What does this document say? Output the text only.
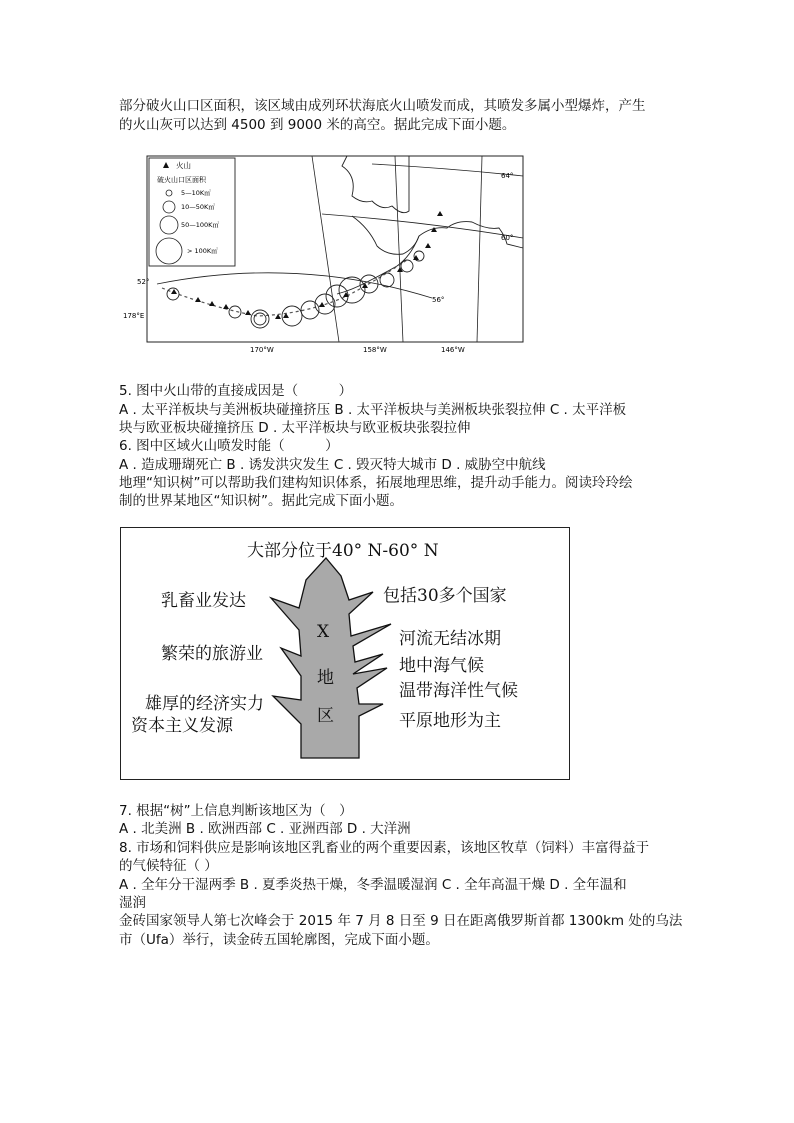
部分破火山口区面积，该区域由成列环状海底火山喷发而成，其喷发多属小型爆炸，产生
的火山灰可以达到 4500 到 9000 米的高空。据此完成下面小题。
火山
破火山口区面积
5—10K㎡
10—50K㎡
50—100K㎡
> 100K㎡
64°
60°
56°
52°
178°E
170°W	158°W	146°W
5. 图中火山带的直接成因是（　　　）
A . 太平洋板块与美洲板块碰撞挤压 B . 太平洋板块与美洲板块张裂拉伸 C . 太平洋板
块与欧亚板块碰撞挤压 D . 太平洋板块与欧亚板块张裂拉伸
6. 图中区域火山喷发时能（　　　）
A . 造成珊瑚死亡 B . 诱发洪灾发生 C . 毁灭特大城市 D . 威胁空中航线
地理“知识树”可以帮助我们建构知识体系，拓展地理思维，提升动手能力。阅读玲玲绘
制的世界某地区“知识树”。据此完成下面小题。
大部分位于40° N-60° N
X
地
区
乳畜业发达
繁荣的旅游业
雄厚的经济实力
资本主义发源
包括30多个国家
河流无结冰期
地中海气候
温带海洋性气候
平原地形为主
7. 根据“树”上信息判断该地区为（　）
A . 北美洲 B . 欧洲西部 C . 亚洲西部 D . 大洋洲
8. 市场和饲料供应是影响该地区乳畜业的两个重要因素，该地区牧草（饲料）丰富得益于
的气候特征（ ）
A . 全年分干湿两季 B . 夏季炎热干燥，冬季温暖湿润 C . 全年高温干燥 D . 全年温和
湿润
金砖国家领导人第七次峰会于 2015 年 7 月 8 日至 9 日在距离俄罗斯首都 1300km 处的乌法
市（Ufa）举行，读金砖五国轮廓图，完成下面小题。
